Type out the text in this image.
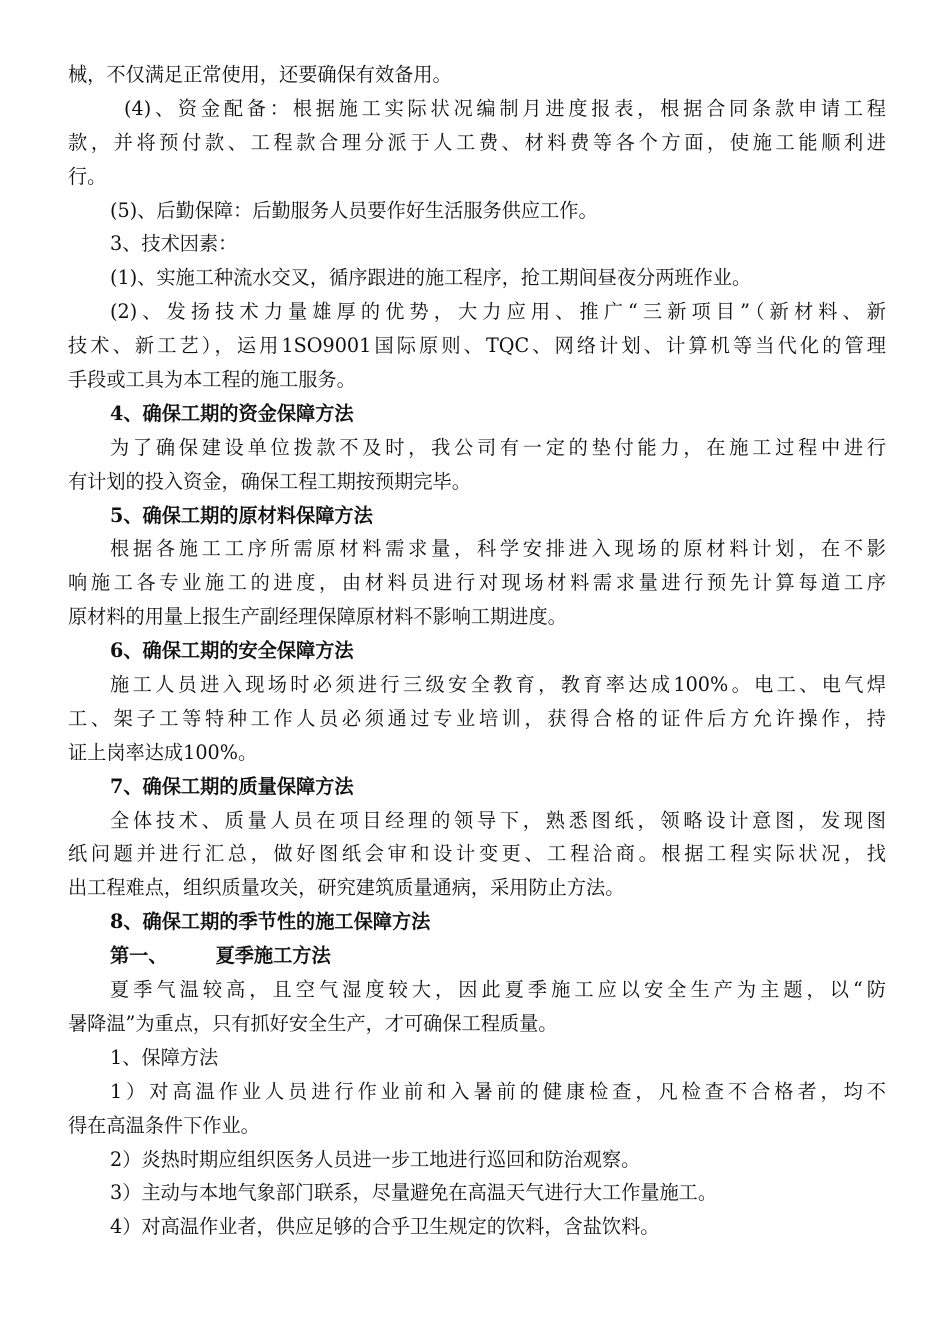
械，不仅满足正常使用，还要确保有效备用。
(4)、资金配备：根据施工实际状况编制月进度报表，根据合同条款申请工程
款，并将预付款、工程款合理分派于人工费、材料费等各个方面，使施工能顺利进
行。
(5)、后勤保障：后勤服务人员要作好生活服务供应工作。
3、技术因素：
(1)、实施工种流水交叉，循序跟进的施工程序，抢工期间昼夜分两班作业。
(2)、发扬技术力量雄厚的优势，大力应用、推广“三新项目”（新材料、新
技术、新工艺），运用1SO9001国际原则、TQC、网络计划、计算机等当代化的管理
手段或工具为本工程的施工服务。
4、确保工期的资金保障方法
为了确保建设单位拨款不及时，我公司有一定的垫付能力，在施工过程中进行
有计划的投入资金，确保工程工期按预期完毕。
5、确保工期的原材料保障方法
根据各施工工序所需原材料需求量，科学安排进入现场的原材料计划，在不影
响施工各专业施工的进度，由材料员进行对现场材料需求量进行预先计算每道工序
原材料的用量上报生产副经理保障原材料不影响工期进度。
6、确保工期的安全保障方法
施工人员进入现场时必须进行三级安全教育，教育率达成100%。电工、电气焊
工、架子工等特种工作人员必须通过专业培训，获得合格的证件后方允许操作，持
证上岗率达成100%。
7、确保工期的质量保障方法
全体技术、质量人员在项目经理的领导下，熟悉图纸，领略设计意图，发现图
纸问题并进行汇总，做好图纸会审和设计变更、工程洽商。根据工程实际状况，找
出工程难点，组织质量攻关，研究建筑质量通病，采用防止方法。
8、确保工期的季节性的施工保障方法
第一、	夏季施工方法
夏季气温较高，且空气湿度较大，因此夏季施工应以安全生产为主题，以“防
暑降温”为重点，只有抓好安全生产，才可确保工程质量。
1、保障方法
1）对高温作业人员进行作业前和入暑前的健康检查，凡检查不合格者，均不
得在高温条件下作业。
2）炎热时期应组织医务人员进一步工地进行巡回和防治观察。
3）主动与本地气象部门联系，尽量避免在高温天气进行大工作量施工。
4）对高温作业者，供应足够的合乎卫生规定的饮料，含盐饮料。
